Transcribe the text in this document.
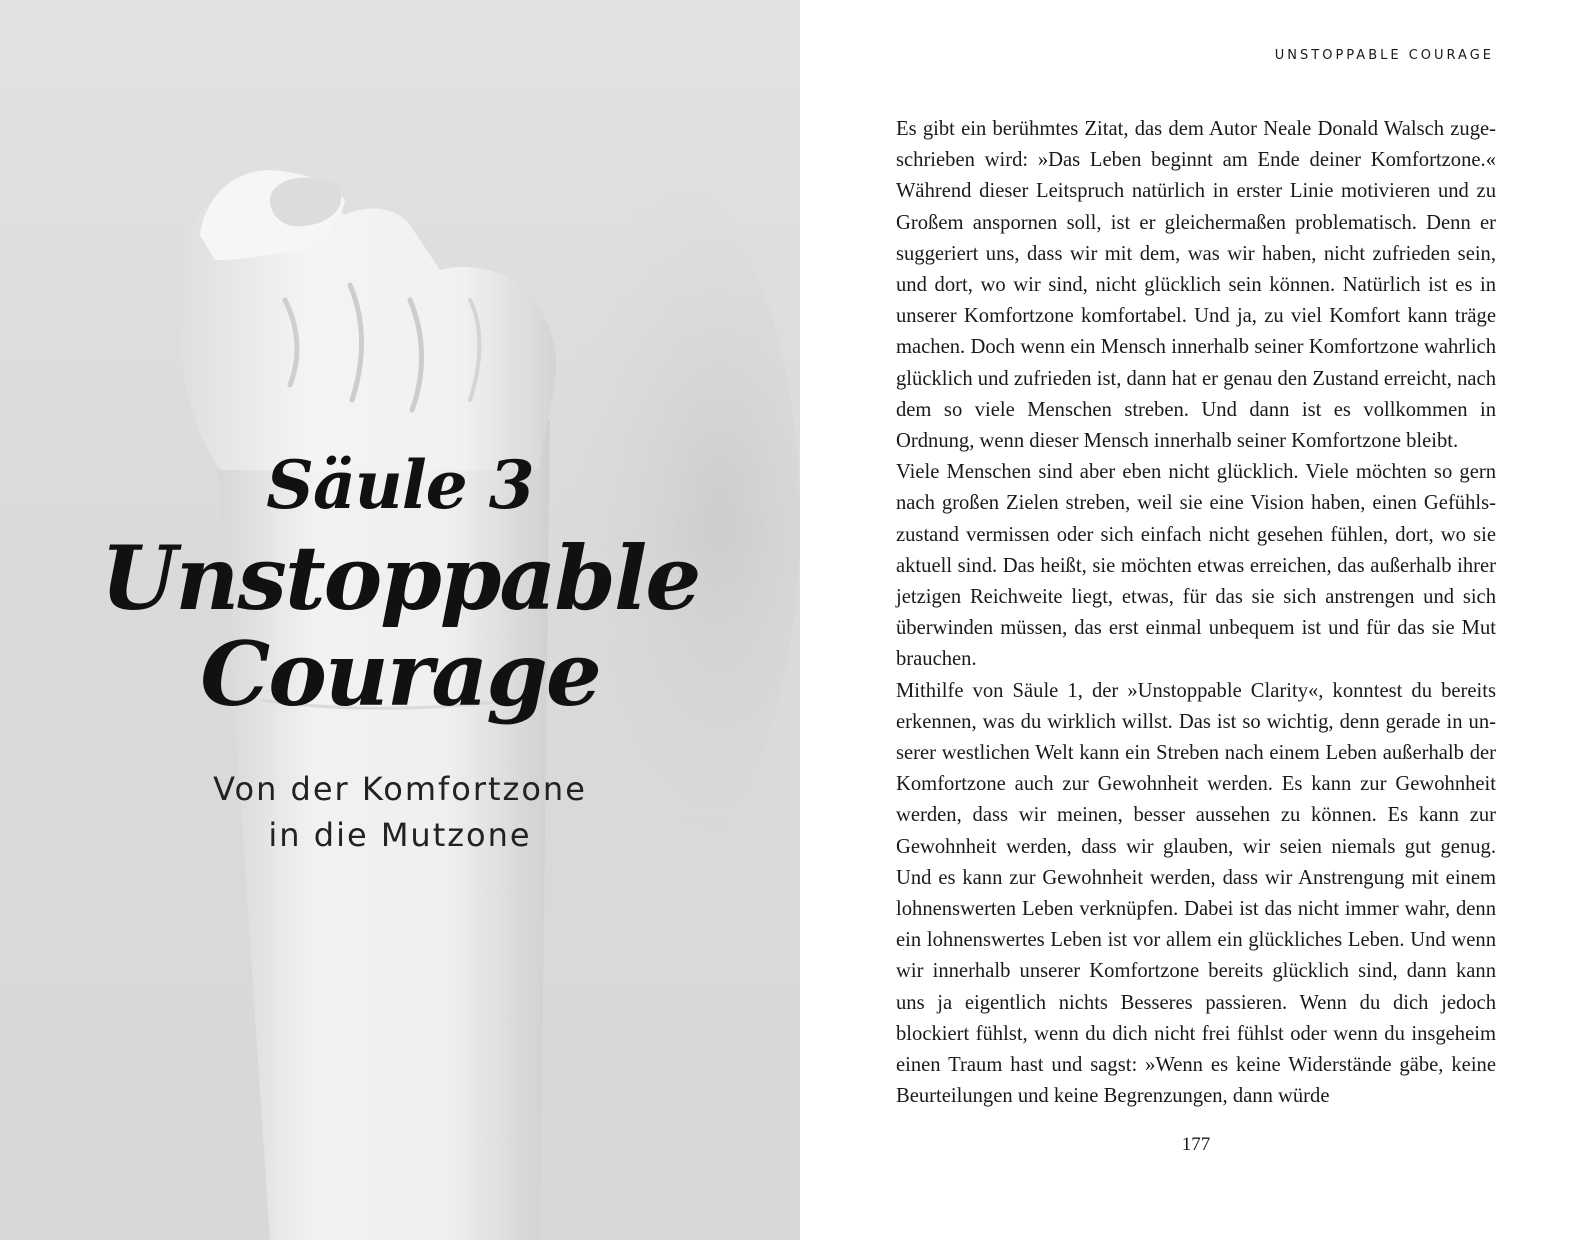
Säule 3
Unstoppable
Courage
Von der Komfortzone
in die Mutzone
UNSTOPPABLE COURAGE

Es gibt ein berühmtes Zitat, das dem Autor Neale Donald Walsch zugeschrieben wird: »Das Leben beginnt am Ende deiner Komfortzone.« Während dieser Leitspruch natürlich in erster Linie motivieren und zu Großem anspornen soll, ist er gleichermaßen problematisch. Denn er suggeriert uns, dass wir mit dem, was wir haben, nicht zufrieden sein, und dort, wo wir sind, nicht glücklich sein können. Natürlich ist es in unserer Komfortzone komfortabel. Und ja, zu viel Komfort kann träge machen. Doch wenn ein Mensch innerhalb seiner Komfortzone wahrlich glücklich und zufrieden ist, dann hat er genau den Zustand erreicht, nach dem so viele Menschen streben. Und dann ist es vollkommen in Ordnung, wenn dieser Mensch innerhalb seiner Komfortzone bleibt.

Viele Menschen sind aber eben nicht glücklich. Viele möchten so gern nach großen Zielen streben, weil sie eine Vision haben, einen Gefühlszustand vermissen oder sich einfach nicht gesehen fühlen, dort, wo sie aktuell sind. Das heißt, sie möchten etwas erreichen, das außerhalb ihrer jetzigen Reichweite liegt, etwas, für das sie sich anstrengen und sich überwinden müssen, das erst einmal unbequem ist und für das sie Mut brauchen.

Mithilfe von Säule 1, der »Unstoppable Clarity«, konntest du bereits erkennen, was du wirklich willst. Das ist so wichtig, denn gerade in unserer westlichen Welt kann ein Streben nach einem Leben außerhalb der Komfortzone auch zur Gewohnheit werden. Es kann zur Gewohnheit werden, dass wir meinen, besser aussehen zu können. Es kann zur Gewohnheit werden, dass wir glauben, wir seien niemals gut genug. Und es kann zur Gewohnheit werden, dass wir Anstrengung mit einem lohnenswerten Leben verknüpfen. Dabei ist das nicht immer wahr, denn ein lohnenswertes Leben ist vor allem ein glückliches Leben. Und wenn wir innerhalb unserer Komfortzone bereits glücklich sind, dann kann uns ja eigentlich nichts Besseres passieren. Wenn du dich jedoch blockiert fühlst, wenn du dich nicht frei fühlst oder wenn du insgeheim einen Traum hast und sagst: »Wenn es keine Widerstände gäbe, keine Beurteilungen und keine Begrenzungen, dann würde

177
